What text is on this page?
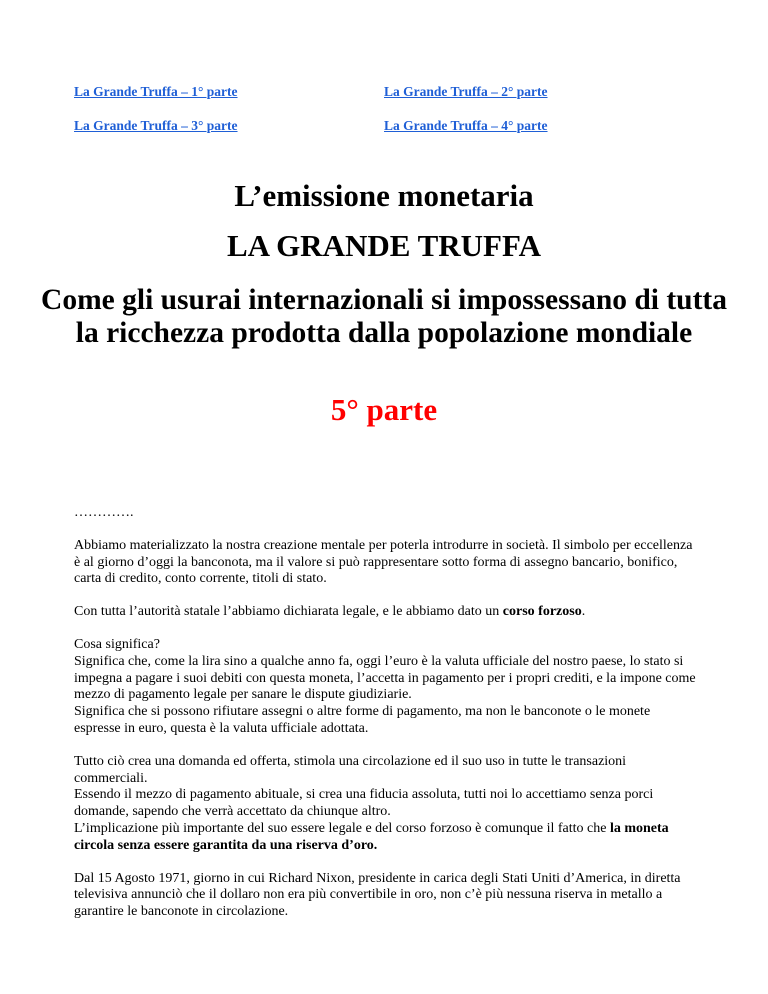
La Grande Truffa – 1° parte	La Grande Truffa – 2° parte
La Grande Truffa – 3° parte	La Grande Truffa – 4° parte
L’emissione monetaria
LA GRANDE TRUFFA
Come gli usurai internazionali si impossessano di tutta la ricchezza prodotta dalla popolazione mondiale
5° parte
………….

Abbiamo materializzato la nostra creazione mentale per poterla introdurre in società. Il simbolo per eccellenza è al giorno d’oggi la banconota, ma il valore si può rappresentare sotto forma di assegno bancario, bonifico, carta di credito, conto corrente, titoli di stato.

Con tutta l’autorità statale l’abbiamo dichiarata legale, e le abbiamo dato un corso forzoso.

Cosa significa?
Significa che, come la lira sino a qualche anno fa, oggi l’euro è la valuta ufficiale del nostro paese, lo stato si impegna a pagare i suoi debiti con questa moneta, l’accetta in pagamento per i propri crediti, e la impone come mezzo di pagamento legale per sanare le dispute giudiziarie.
Significa che si possono rifiutare assegni o altre forme di pagamento, ma non le banconote o le monete espresse in euro, questa è la valuta ufficiale adottata.

Tutto ciò crea una domanda ed offerta, stimola una circolazione ed il suo uso in tutte le transazioni commerciali.
Essendo il mezzo di pagamento abituale, si crea una fiducia assoluta, tutti noi lo accettiamo senza porci domande, sapendo che verrà accettato da chiunque altro.
L’implicazione più importante del suo essere legale e del corso forzoso è comunque il fatto che la moneta circola senza essere garantita da una riserva d’oro.

Dal 15 Agosto 1971, giorno in cui Richard Nixon, presidente in carica degli Stati Uniti d’America, in diretta televisiva annunciò che il dollaro non era più convertibile in oro, non c’è più nessuna riserva in metallo a garantire le banconote in circolazione.
